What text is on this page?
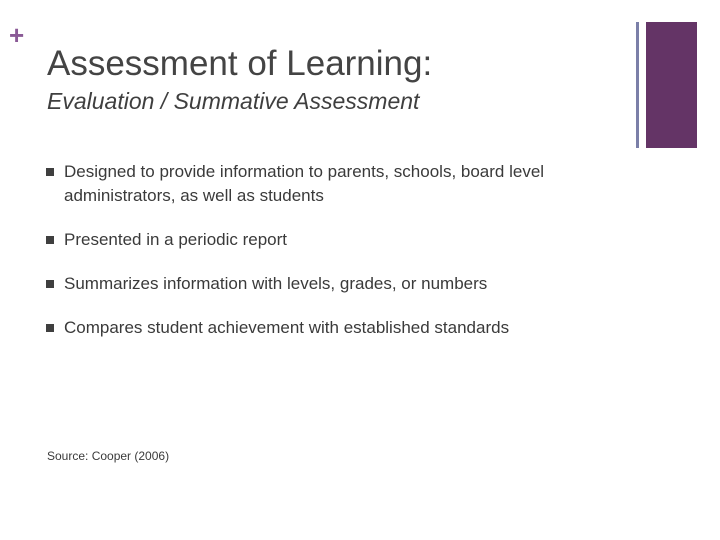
+
Assessment of Learning:
Evaluation / Summative Assessment
Designed to provide information to parents, schools, board level administrators, as well as students
Presented in a periodic report
Summarizes information with levels, grades, or numbers
Compares student achievement with established standards
Source: Cooper (2006)
